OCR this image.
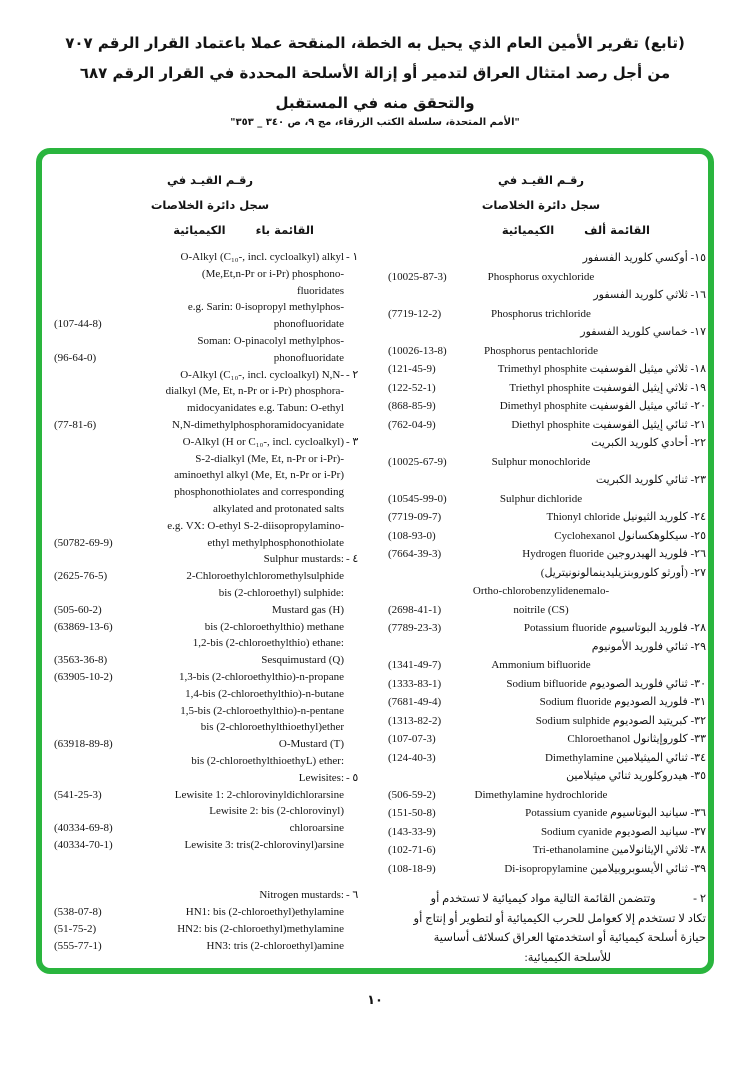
(تابع) تقرير الأمين العام الذي يحيل به الخطة، المنقحة عملا باعتماد القرار الرقم ٧٠٧
من أجل رصد امتثال العراق لتدمير أو إزالة الأسلحة المحددة في القرار الرقم ٦٨٧
والتحقق منه في المستقبل
"الأمم المتحدة، سلسلة الكتب الزرقاء، مج ٩، ص ٣٤٠ _ ٣٥٣"
رقـم القيـد في
سجل دائرة الخلاصات
القائمة ألف
الكيميائية
١٥- أوكسي كلوريد الفسفور
(10025-87-3)	Phosphorus oxychloride
١٦- ثلاثي كلوريد الفسفور
(7719-12-2)	Phosphorus trichloride
١٧- خماسي كلوريد الفسفور
(10026-13-8)	Phosphorus pentachloride
(121-45-9)	١٨- ثلاثي ميثيل الفوسفيت Trimethyl phosphite
(122-52-1)	١٩- ثلاثي إيثيل الفوسفيت Triethyl phosphite
(868-85-9)	٢٠- ثنائي ميثيل الفوسفيت Dimethyl phosphite
(762-04-9)	٢١- ثنائي إيثيل الفوسفيت Diethyl phosphite
٢٢- أحادي كلوريد الكبريت
(10025-67-9)	Sulphur monochloride
٢٣- ثنائي كلوريد الكبريت
(10545-99-0)	Sulphur dichloride
(7719-09-7)	٢٤- كلوريد الثيونيل Thionyl chloride
(108-93-0)	٢٥- سيكلوهكسانول Cyclohexanol
(7664-39-3)	٢٦- فلوريد الهيدروجين Hydrogen fluoride
٢٧- (أورثو كلوروبنزيليدينمالونونيتريل)
Ortho-chlorobenzylidenemalo-
(2698-41-1)	noitrile (CS)
(7789-23-3)	٢٨- فلوريد البوتاسيوم Potassium fluoride
٢٩- ثنائي فلوريد الأمونيوم
(1341-49-7)	Ammonium bifluoride
(1333-83-1)	٣٠- ثنائي فلوريد الصوديوم Sodium bifluoride
(7681-49-4)	٣١- فلوريد الصوديوم Sodium fluoride
(1313-82-2)	٣٢- كبريتيد الصوديوم Sodium sulphide
(107-07-3)	٣٣- كلوروإيثانول Chloroethanol
(124-40-3)	٣٤- ثنائي الميثيلامين Dimethylamine
٣٥- هيدروكلوريد ثنائي ميثيلامين
(506-59-2)	Dimethylamine hydrochloride
(151-50-8)	٣٦- سيانيد البوتاسيوم Potassium cyanide
(143-33-9)	٣٧- سيانيد الصوديوم Sodium cyanide
(102-71-6)	٣٨- ثلاثي الإيثانولامين Tri-ethanolamine
(108-18-9)	٣٩- ثنائي الأيسوبروبيلامين Di-isopropylamine
٢ -             وتتضمن القائمة التالية مواد كيميائية لا تستخدم أو
تكاد لا تستخدم إلا كعوامل للحرب الكيميائية أو لتطوير أو إنتاج أو
حيازة أسلحة كيميائية أو استخدمتها العراق كسلائف أساسية
للأسلحة الكيميائية:
رقـم القيـد في
سجل دائرة الخلاصات
القائمة باء
الكيميائية
O-Alkyl (C₁₀-, incl. cycloalkyl) alkyl - ١
(Me,Et,n-Pr or i-Pr) phosphono-
fluoridates
e.g. Sarin: 0-isopropyl methylphos-
(107-44-8)	phonofluoridate
Soman: O-pinacolyl methylphos-
(96-64-0)	phonofluoridate
O-Alkyl (C₁₀-, incl. cycloalkyl) N,N- - ٢
dialkyl (Me, Et, n-Pr or i-Pr) phosphora-
midocyanidates e.g. Tabun: O-ethyl
(77-81-6)	N,N-dimethylphosphoramidocyanidate
O-Alkyl (H or C₁₀-, incl. cycloalkyl) - ٣
S-2-dialkyl (Me, Et, n-Pr or i-Pr)-
aminoethyl alkyl (Me, Et, n-Pr or i-Pr)
phosphonothiolates and corresponding
alkylated and protonated salts
e.g. VX: O-ethyl S-2-diisopropylamino-
(50782-69-9)	ethyl methylphosphonothiolate
Sulphur mustards: - ٤
(2625-76-5)	2-Chloroethylchloromethylsulphide
bis (2-chloroethyl) sulphide:
(505-60-2)	Mustard gas (H)
(63869-13-6)	bis (2-chloroethylthio) methane
1,2-bis (2-chloroethylthio) ethane:
(3563-36-8)	Sesquimustard (Q)
(63905-10-2)	1,3-bis (2-chloroethylthio)-n-propane
1,4-bis (2-chloroethylthio)-n-butane
1,5-bis (2-chloroethylthio)-n-pentane
bis (2-chloroethylthioethyl)ether
(63918-89-8)	O-Mustard (T)
bis (2-chloroethylthioethyL) ether:
Lewisites: - ٥
(541-25-3)	Lewisite 1: 2-chlorovinyldichlorarsine
Lewisite 2: bis (2-chlorovinyl)
(40334-69-8)	chloroarsine
(40334-70-1)	Lewisite 3: tris(2-chlorovinyl)arsine
Nitrogen mustards: - ٦
(538-07-8)	HN1: bis (2-chloroethyl)ethylamine
(51-75-2)	HN2: bis (2-chloroethyl)methylamine
(555-77-1)	HN3: tris (2-chloroethyl)amine
١٠
